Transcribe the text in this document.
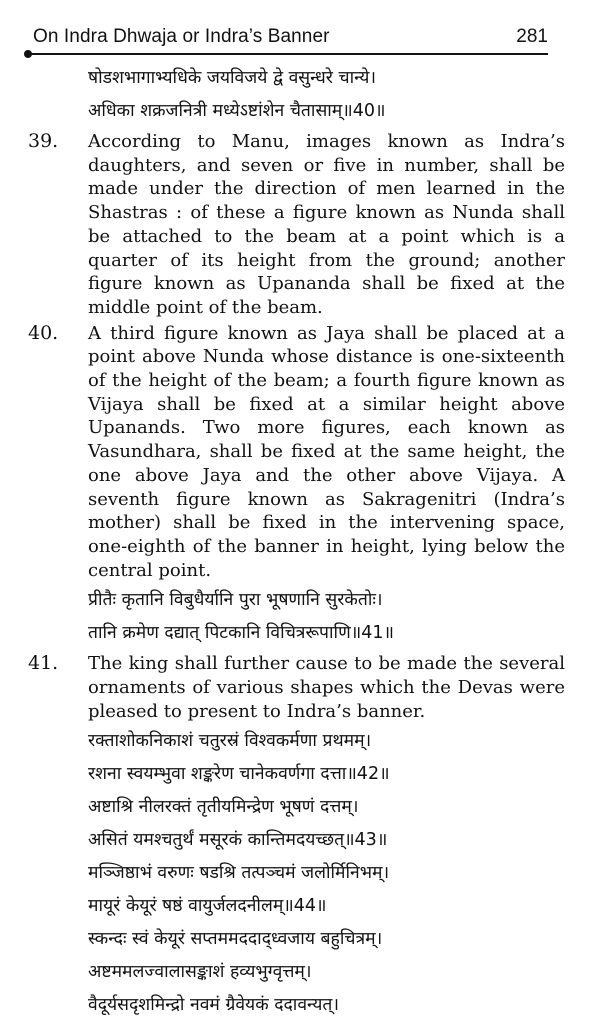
On Indra Dhwaja or Indra’s Banner	281
षोडशभागाभ्यधिके जयविजये द्वे वसुन्धरे चान्ये।
अधिका शक्रजनित्री मध्येऽष्टांशेन चैतासाम्॥40॥
39.	According to Manu, images known as Indra’s daughters, and seven or five in number, shall be made under the direction of men learned in the Shastras : of these a figure known as Nunda shall be attached to the beam at a point which is a quarter of its height from the ground; another figure known as Upananda shall be fixed at the middle point of the beam.
40.	A third figure known as Jaya shall be placed at a point above Nunda whose distance is one-sixteenth of the height of the beam; a fourth figure known as Vijaya shall be fixed at a similar height above Upanands. Two more figures, each known as Vasundhara, shall be fixed at the same height, the one above Jaya and the other above Vijaya. A seventh figure known as Sakragenitri (Indra’s mother) shall be fixed in the intervening space, one-eighth of the banner in height, lying below the central point.
प्रीतैः कृतानि विबुधैर्यानि पुरा भूषणानि सुरकेतोः।
तानि क्रमेण दद्यात् पिटकानि विचित्ररूपाणि॥41॥
41.	The king shall further cause to be made the several ornaments of various shapes which the Devas were pleased to present to Indra’s banner.
रक्ताशोकनिकाशं चतुरस्रं विश्वकर्मणा प्रथमम्।
रशना स्वयम्भुवा शङ्करेण चानेकवर्णगा दत्ता॥42॥
अष्टाश्रि नीलरक्तं तृतीयमिन्द्रेण भूषणं दत्तम्।
असितं यमश्चतुर्थं मसूरकं कान्तिमदयच्छत्॥43॥
मञ्जिष्ठाभं वरुणः षडश्रि तत्पञ्चमं जलोर्मिनिभम्।
मायूरं केयूरं षष्ठं वायुर्जलदनीलम्॥44॥
स्कन्दः स्वं केयूरं सप्तममददाद्ध्वजाय बहुचित्रम्।
अष्टममलज्वालासङ्काशं हव्यभुग्वृत्तम्।
वैदूर्यसदृशमिन्द्रो नवमं ग्रैवेयकं ददावन्यत्।
